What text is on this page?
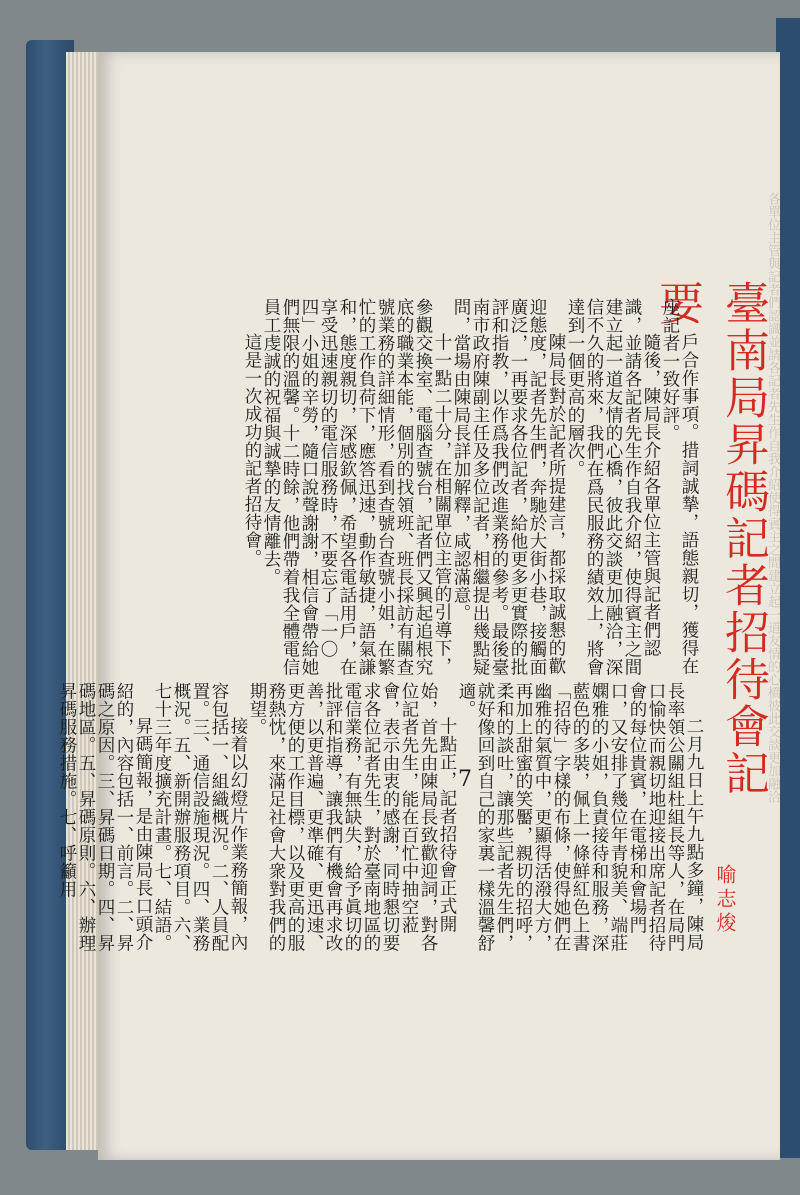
各單位主管與記者們認識並請各記者先生作自我介紹使得賓主之間建立起一道友情的心橋彼此交談更加融洽
臺南局昇碼記者招待會記要
喻志焌

戶合作事項。措詞誠摯，語態親切，獲得在座記者一致好評。

隨後，陳局長介紹各單位主管與記者們認識，並請各記者先生作自我介紹，使得賓主之間建立起一道友情的心橋，彼此交談更加融洽，深信不久的將來，我們在爲民服務的績效上，將會達到一個更高的層次。

陳局長對於記者所提建言，都採取誠懇的歡迎態度，記者先生們，奔馳於大街小巷，接觸面廣泛，一再要求各位記者，給他更多更實際的批評和指教，以作爲我們改進業務的參考。最後臺南市政府陳副主任及多位記者，相繼提出幾點疑問，當場由陳局長詳加解釋，咸認滿意。

十一點二十分，在相關單位主管的引導下，參觀交換室、電腦查號台，記者們又興起追根究底的職業本能，個別的找領班、班長採訪有關查號業務的詳細情形，看到查號台查號小姐，在繁忙的工作負荷下，應答迅速，動作敏捷，語氣謙和，態度親切，深感欽佩，希望各電話用戶，在享受迅速親切的電信服務時，不要忘了「一〇四」小姐的辛勞，隨口說聲謝謝，相信會帶給她們無限的溫馨。十二時餘，他們帶着我全體電信員工虔誠的祝福與誠摯的友情離去。

這是一次成功的記者招待會。

二月九日上午九點多鐘，陳局長率領公關組杜組長等人，在局門口愉快而親切地迎接出席記者招待會的每位貴賓，在電梯和會場門口，又安排了幾位年青貌美、端莊嫻雅的小姐，負責接待和服務，深藍色的多裝，佩上一條鮮紅色上書「招待」字樣的布條，使得她們在幽雅的氣質中，更顯得活潑大方，再加上甜蜜的笑靨，親切的招呼，柔和的談吐，讓那些記者先生們，就好像回到自己的家裏一樣溫馨舒適。

十點正，記者招待會正式開始，首先由陳局長致歡迎詞，對各位記者先生，能在百忙中抽空蒞會，表示由衷的感謝，同時懇切要求各位記者先生，對於臺南地區的電信業務，有無缺失，給予眞切的批評和指導，讓我們有機會再求改善，以更普遍、更準確、更迅速、更方便的工作目標，以及更高的服務熱忱，來滿足社會大衆對我們的期望。

接着以幻燈片作業務簡報，內容包括一、組織概況。二、人員配置。三、通信設施現況。四、業務概況。五、新開辦服務項目。六、七十三年度擴充計畫。七、結語。

昇碼簡報，是由陳局長口頭介紹的，內容包括一、前言。二、昇碼之原因。三、昇碼日期。四、昇碼地區。五、昇碼原則。六、辦理昇碼服務措施。七、呼籲用	7
